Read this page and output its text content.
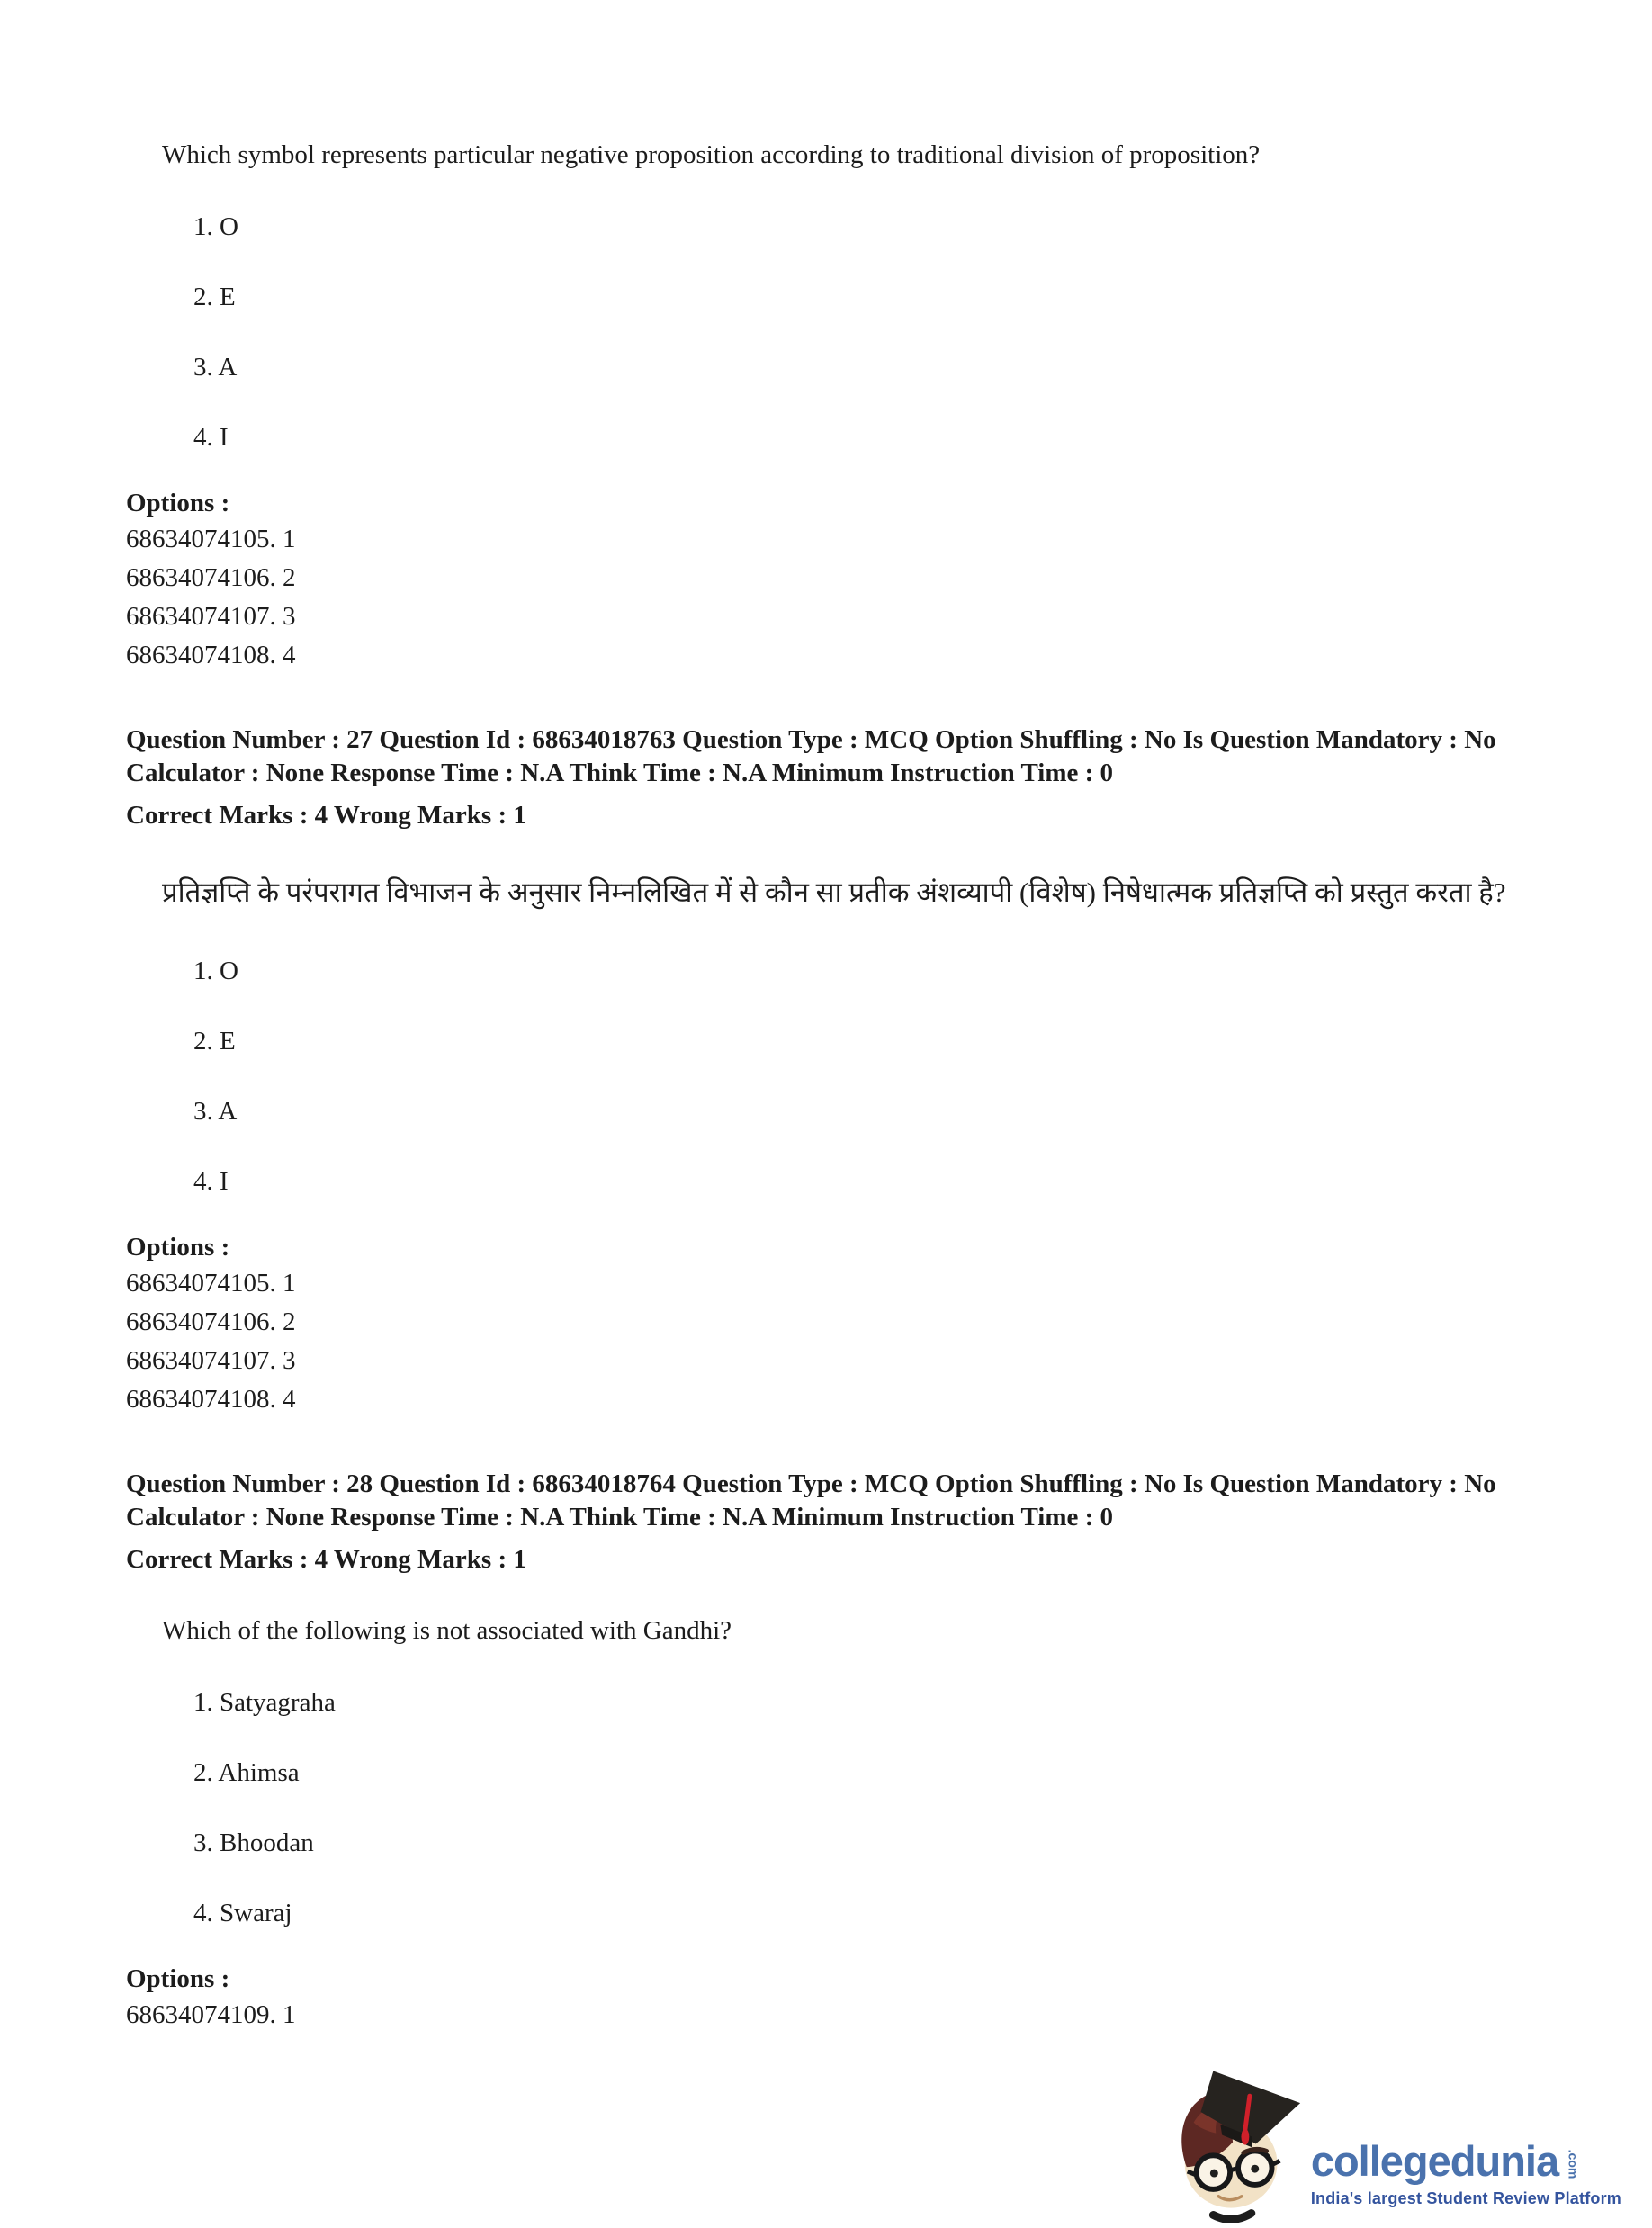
Which symbol represents particular negative proposition according to traditional division of proposition?

1. O

2. E

3. A

4. I

Options :

68634074105. 1

68634074106. 2

68634074107. 3

68634074108. 4

Question Number : 27 Question Id : 68634018763 Question Type : MCQ Option Shuffling : No Is Question Mandatory : No Calculator : None Response Time : N.A Think Time : N.A Minimum Instruction Time : 0

Correct Marks : 4 Wrong Marks : 1

प्रतिज्ञप्ति के परंपरागत विभाजन के अनुसार निम्नलिखित में से कौन सा प्रतीक अंशव्यापी (विशेष) निषेधात्मक प्रतिज्ञप्ति को प्रस्तुत करता है?

1. O

2. E

3. A

4. I

Options :

68634074105. 1

68634074106. 2

68634074107. 3

68634074108. 4

Question Number : 28 Question Id : 68634018764 Question Type : MCQ Option Shuffling : No Is Question Mandatory : No Calculator : None Response Time : N.A Think Time : N.A Minimum Instruction Time : 0

Correct Marks : 4 Wrong Marks : 1

Which of the following is not associated with Gandhi?

1. Satyagraha

2. Ahimsa

3. Bhoodan

4. Swaraj

Options :

68634074109. 1

collegedunia .com
India's largest Student Review Platform
